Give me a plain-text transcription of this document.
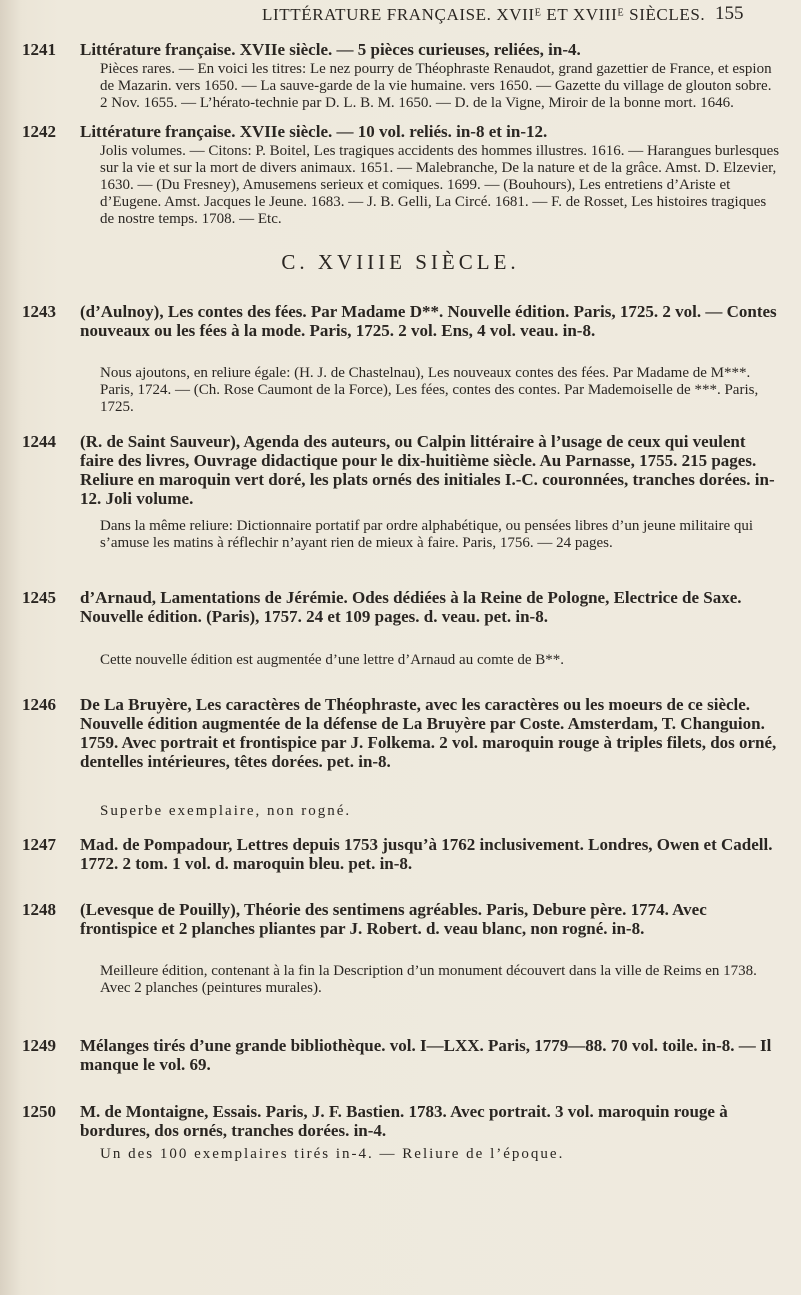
LITTÉRATURE FRANÇAISE. XVIIᴱ ET XVIIIᴱ SIÈCLES. 155
1241 Littérature française. XVIIe siècle. — 5 pièces curieuses, reliées, in-4.
Pièces rares. — En voici les titres: Le nez pourry de Théophraste Renaudot, grand gazettier de France, et espion de Mazarin. vers 1650. — La sauve-garde de la vie humaine. vers 1650. — Gazette du village de glouton sobre. 2 Nov. 1655. — L’hérato-technie par D. L. B. M. 1650. — D. de la Vigne, Miroir de la bonne mort. 1646.
1242 Littérature française. XVIIe siècle. — 10 vol. reliés. in-8 et in-12.
Jolis volumes. — Citons: P. Boitel, Les tragiques accidents des hommes illustres. 1616. — Harangues burlesques sur la vie et sur la mort de divers animaux. 1651. — Malebranche, De la nature et de la grâce. Amst. D. Elzevier, 1630. — (Du Fresney), Amusemens serieux et comiques. 1699. — (Bouhours), Les entretiens d’Ariste et d’Eugene. Amst. Jacques le Jeune. 1683. — J. B. Gelli, La Circé. 1681. — F. de Rosset, Les histoires tragiques de nostre temps. 1708. — Etc.
C. XVIIIE SIÈCLE.
1243 (d’Aulnoy), Les contes des fées. Par Madame D**. Nouvelle édition. Paris, 1725. 2 vol. — Contes nouveaux ou les fées à la mode. Paris, 1725. 2 vol. Ens, 4 vol. veau. in-8.
Nous ajoutons, en reliure égale: (H. J. de Chastelnau), Les nouveaux contes des fées. Par Madame de M***. Paris, 1724. — (Ch. Rose Caumont de la Force), Les fées, contes des contes. Par Mademoiselle de ***. Paris, 1725.
1244 (R. de Saint Sauveur), Agenda des auteurs, ou Calpin littéraire à l’usage de ceux qui veulent faire des livres, Ouvrage didactique pour le dix-huitième siècle. Au Parnasse, 1755. 215 pages. Reliure en maroquin vert doré, les plats ornés des initiales I.-C. couronnées, tranches dorées. in-12. Joli volume.
Dans la même reliure: Dictionnaire portatif par ordre alphabétique, ou pensées libres d’un jeune militaire qui s’amuse les matins à réflechir n’ayant rien de mieux à faire. Paris, 1756. — 24 pages.
1245 d’Arnaud, Lamentations de Jérémie. Odes dédiées à la Reine de Pologne, Electrice de Saxe. Nouvelle édition. (Paris), 1757. 24 et 109 pages. d. veau. pet. in-8.
Cette nouvelle édition est augmentée d’une lettre d’Arnaud au comte de B**.
1246 De La Bruyère, Les caractères de Théophraste, avec les caractères ou les moeurs de ce siècle. Nouvelle édition augmentée de la défense de La Bruyère par Coste. Amsterdam, T. Changuion. 1759. Avec portrait et frontispice par J. Folkema. 2 vol. maroquin rouge à triples filets, dos orné, dentelles intérieures, têtes dorées. pet. in-8.
Superbe exemplaire, non rogné.
1247 Mad. de Pompadour, Lettres depuis 1753 jusqu’à 1762 inclusivement. Londres, Owen et Cadell. 1772. 2 tom. 1 vol. d. maroquin bleu. pet. in-8.
1248 (Levesque de Pouilly), Théorie des sentimens agréables. Paris, Debure père. 1774. Avec frontispice et 2 planches pliantes par J. Robert. d. veau blanc, non rogné. in-8.
Meilleure édition, contenant à la fin la Description d’un monument découvert dans la ville de Reims en 1738. Avec 2 planches (peintures murales).
1249 Mélanges tirés d’une grande bibliothèque. vol. I—LXX. Paris, 1779—88. 70 vol. toile. in-8. — Il manque le vol. 69.
1250 M. de Montaigne, Essais. Paris, J. F. Bastien. 1783. Avec portrait. 3 vol. maroquin rouge à bordures, dos ornés, tranches dorées. in-4.
Un des 100 exemplaires tirés in-4. — Reliure de l’époque.
